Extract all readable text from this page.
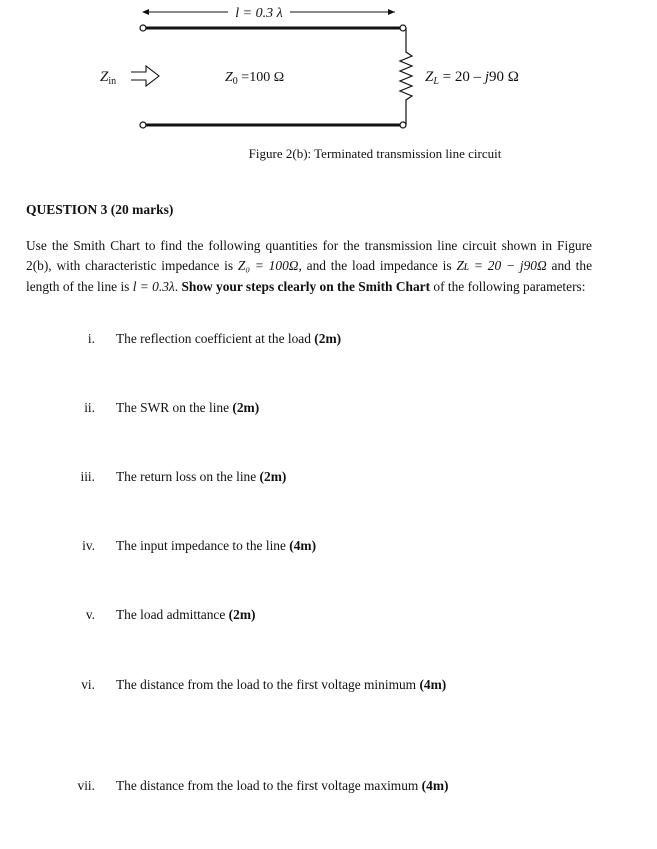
l = 0.3 λ
$Z_{in}$	$Z_0 =100$ Ω	$Z_L = 20 - j90$ Ω
Figure 2(b): Terminated transmission line circuit
QUESTION 3 (20 marks)
Use the Smith Chart to find the following quantities for the transmission line circuit shown in Figure 2(b), with characteristic impedance is Z₀ = 100Ω, and the load impedance is Zʟ = 20 − j90Ω and the length of the line is l = 0.3λ. Show your steps clearly on the Smith Chart of the following parameters:
i. The reflection coefficient at the load (2m)
ii. The SWR on the line (2m)
iii. The return loss on the line (2m)
iv. The input impedance to the line (4m)
v. The load admittance (2m)
vi. The distance from the load to the first voltage minimum (4m)
vii. The distance from the load to the first voltage maximum (4m)
